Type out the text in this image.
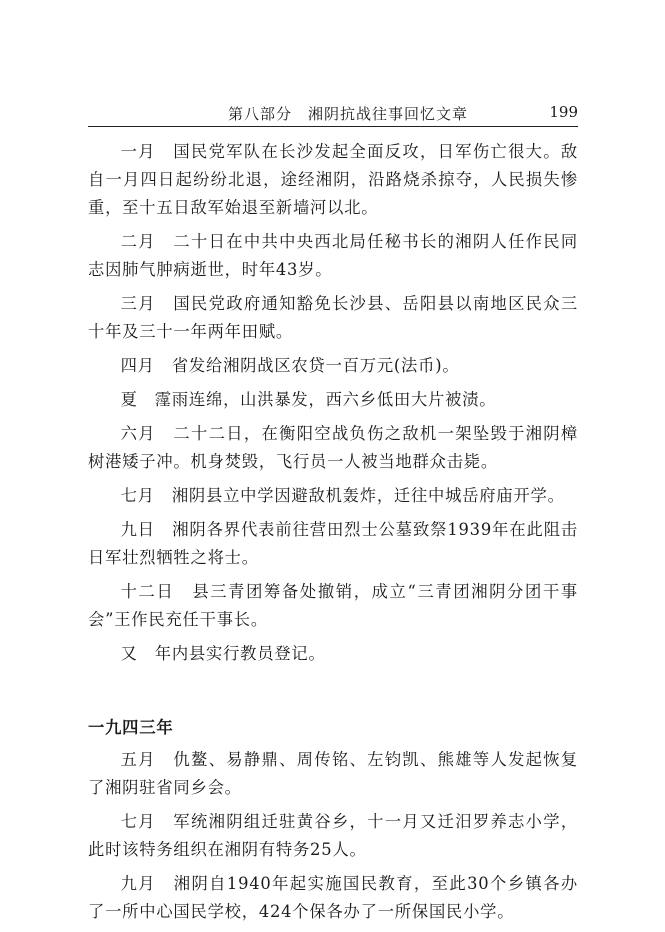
第八部分　湘阴抗战往事回忆文章	199

一月　国民党军队在长沙发起全面反攻，日军伤亡很大。敌自一月四日起纷纷北退，途经湘阴，沿路烧杀掠夺，人民损失惨重，至十五日敌军始退至新墙河以北。

二月　二十日在中共中央西北局任秘书长的湘阴人任作民同志因肺气肿病逝世，时年43岁。

三月　国民党政府通知豁免长沙县、岳阳县以南地区民众三十年及三十一年两年田赋。

四月　省发给湘阴战区农贷一百万元(法币)。

夏　霪雨连绵，山洪暴发，西六乡低田大片被渍。

六月　二十二日，在衡阳空战负伤之敌机一架坠毁于湘阴樟树港矮子冲。机身焚毁，飞行员一人被当地群众击毙。

七月　湘阴县立中学因避敌机轰炸，迁往中城岳府庙开学。

九日　湘阴各界代表前往营田烈士公墓致祭1939年在此阻击日军壮烈牺牲之将士。

十二日　县三青团筹备处撤销，成立“三青团湘阴分团干事会”王作民充任干事长。

又　年内县实行教员登记。

一九四三年

五月　仇鳌、易静鼎、周传铭、左钧凯、熊雄等人发起恢复了湘阴驻省同乡会。

七月　军统湘阴组迁驻黄谷乡，十一月又迁汨罗养志小学，此时该特务组织在湘阴有特务25人。

九月　湘阴自1940年起实施国民教育，至此30个乡镇各办了一所中心国民学校，424个保各办了一所保国民小学。
